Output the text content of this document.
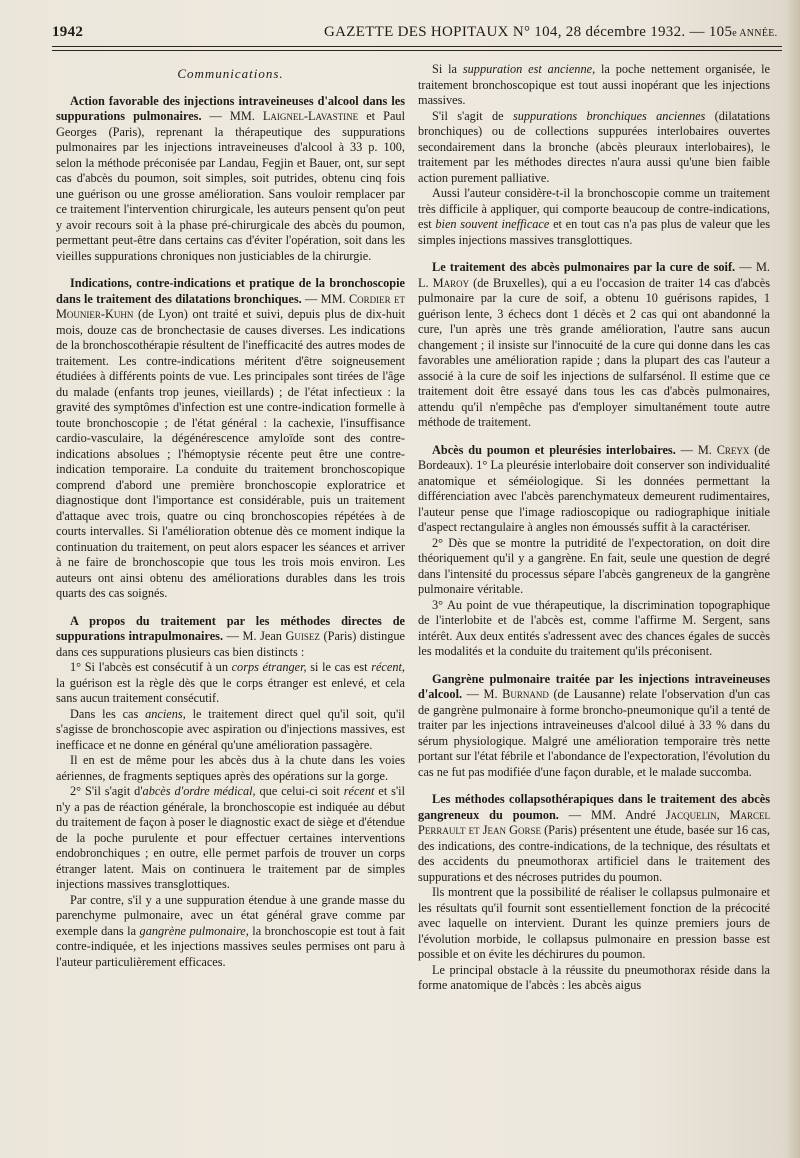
1942	GAZETTE DES HOPITAUX N° 104, 28 décembre 1932. — 105e ANNÉE.
Communications.

Action favorable des injections intraveineuses d'alcool dans les suppurations pulmonaires. — MM. Laignel-Lavastine et Paul Georges (Paris), reprenant la thérapeutique des suppurations pulmonaires par les injections intraveineuses d'alcool à 33 p. 100, selon la méthode préconisée par Landau, Fegjin et Bauer, ont, sur sept cas d'abcès du poumon, soit simples, soit putrides, obtenu cinq fois une guérison ou une grosse amélioration. Sans vouloir remplacer par ce traitement l'intervention chirurgicale, les auteurs pensent qu'on peut y avoir recours soit à la phase pré-chirurgicale des abcès du poumon, permettant peut-être dans certains cas d'éviter l'opération, soit dans les vieilles suppurations chroniques non justiciables de la chirurgie.

Indications, contre-indications et pratique de la bronchoscopie dans le traitement des dilatations bronchiques. — MM. Cordier et Mounier-Kuhn (de Lyon) ont traité et suivi, depuis plus de dix-huit mois, douze cas de bronchectasie de causes diverses. Les indications de la bronchoscothérapie résultent de l'inefficacité des autres modes de traitement. Les contre-indications méritent d'être soigneusement étudiées à différents points de vue. Les principales sont tirées de l'âge du malade (enfants trop jeunes, vieillards) ; de l'état infectieux : la gravité des symptômes d'infection est une contre-indication formelle à toute bronchoscopie ; de l'état général : la cachexie, l'insuffisance cardio-vasculaire, la dégénérescence amyloïde sont des contre-indications absolues ; l'hémoptysie récente peut être une contre-indication temporaire. La conduite du traitement bronchoscopique comprend d'abord une première bronchoscopie exploratrice et diagnostique dont l'importance est considérable, puis un traitement d'attaque avec trois, quatre ou cinq bronchoscopies répétées à de courts intervalles. Si l'amélioration obtenue dès ce moment indique la continuation du traitement, on peut alors espacer les séances et arriver à ne faire de bronchoscopie que tous les trois mois environ. Les auteurs ont ainsi obtenu des améliorations durables dans les trois quarts des cas soignés.

A propos du traitement par les méthodes directes de suppurations intrapulmonaires. — M. Jean Guisez (Paris) distingue dans ces suppurations plusieurs cas bien distincts :

1° Si l'abcès est consécutif à un corps étranger, si le cas est récent, la guérison est la règle dès que le corps étranger est enlevé, et cela sans aucun traitement consécutif.

Dans les cas anciens, le traitement direct quel qu'il soit, qu'il s'agisse de bronchoscopie avec aspiration ou d'injections massives, est inefficace et ne donne en général qu'une amélioration passagère.

Il en est de même pour les abcès dus à la chute dans les voies aériennes, de fragments septiques après des opérations sur la gorge.

2° S'il s'agit d'abcès d'ordre médical, que celui-ci soit récent et s'il n'y a pas de réaction générale, la bronchoscopie est indiquée au début du traitement de façon à poser le diagnostic exact de siège et d'étendue de la poche purulente et pour effectuer certaines interventions endobronchiques ; en outre, elle permet parfois de trouver un corps étranger latent. Mais on continuera le traitement par de simples injections massives transglottiques.

Par contre, s'il y a une suppuration étendue à une grande masse du parenchyme pulmonaire, avec un état général grave comme par exemple dans la gangrène pulmonaire, la bronchoscopie est tout à fait contre-indiquée, et les injections massives seules permises ont paru à l'auteur particulièrement efficaces.

Si la suppuration est ancienne, la poche nettement organisée, le traitement bronchoscopique est tout aussi inopérant que les injections massives.

S'il s'agit de suppurations bronchiques anciennes (dilatations bronchiques) ou de collections suppurées interlobaires ouvertes secondairement dans la bronche (abcès pleuraux interlobaires), le traitement par les méthodes directes n'aura aussi qu'une bien faible action purement palliative.

Aussi l'auteur considère-t-il la bronchoscopie comme un traitement très difficile à appliquer, qui comporte beaucoup de contre-indications, est bien souvent inefficace et en tout cas n'a pas plus de valeur que les simples injections massives transglottiques.

Le traitement des abcès pulmonaires par la cure de soif. — M. L. Maroy (de Bruxelles), qui a eu l'occasion de traiter 14 cas d'abcès pulmonaire par la cure de soif, a obtenu 10 guérisons rapides, 1 guérison lente, 3 échecs dont 1 décès et 2 cas qui ont abandonné la cure, l'un après une très grande amélioration, l'autre sans aucun changement ; il insiste sur l'innocuité de la cure qui donne dans les cas favorables une amélioration rapide ; dans la plupart des cas l'auteur a associé à la cure de soif les injections de sulfarsénol. Il estime que ce traitement doit être essayé dans tous les cas d'abcès pulmonaires, attendu qu'il n'empêche pas d'employer simultanément toute autre méthode de traitement.

Abcès du poumon et pleurésies interlobaires. — M. Creyx (de Bordeaux). 1° La pleurésie interlobaire doit conserver son individualité anatomique et séméiologique. Si les données permettant la différenciation avec l'abcès parenchymateux demeurent rudimentaires, l'auteur pense que l'image radioscopique ou radiographique initiale d'aspect rectangulaire à angles non émoussés suffit à la caractériser.

2° Dès que se montre la putridité de l'expectoration, on doit dire théoriquement qu'il y a gangrène. En fait, seule une question de degré dans l'intensité du processus sépare l'abcès gangreneux de la gangrène pulmonaire véritable.

3° Au point de vue thérapeutique, la discrimination topographique de l'interlobite et de l'abcès est, comme l'affirme M. Sergent, sans intérêt. Aux deux entités s'adressent avec des chances égales de succès les modalités et la conduite du traitement qu'ils préconisent.

Gangrène pulmonaire traitée par les injections intraveineuses d'alcool. — M. Burnand (de Lausanne) relate l'observation d'un cas de gangrène pulmonaire à forme broncho-pneumonique qu'il a tenté de traiter par les injections intraveineuses d'alcool dilué à 33 % dans du sérum physiologique. Malgré une amélioration temporaire très nette portant sur l'état fébrile et l'abondance de l'expectoration, l'évolution du cas ne fut pas modifiée d'une façon durable, et le malade succomba.

Les méthodes collapsothérapiques dans le traitement des abcès gangreneux du poumon. — MM. André Jacquelin, Marcel Perrault et Jean Gorse (Paris) présentent une étude, basée sur 16 cas, des indications, des contre-indications, de la technique, des résultats et des accidents du pneumothorax artificiel dans le traitement des suppurations et des nécroses putrides du poumon.

Ils montrent que la possibilité de réaliser le collapsus pulmonaire et les résultats qu'il fournit sont essentiellement fonction de la précocité avec laquelle on intervient. Durant les quinze premiers jours de l'évolution morbide, le collapsus pulmonaire en pression basse est possible et on évite les déchirures du poumon.

Le principal obstacle à la réussite du pneumothorax réside dans la forme anatomique de l'abcès : les abcès aigus
